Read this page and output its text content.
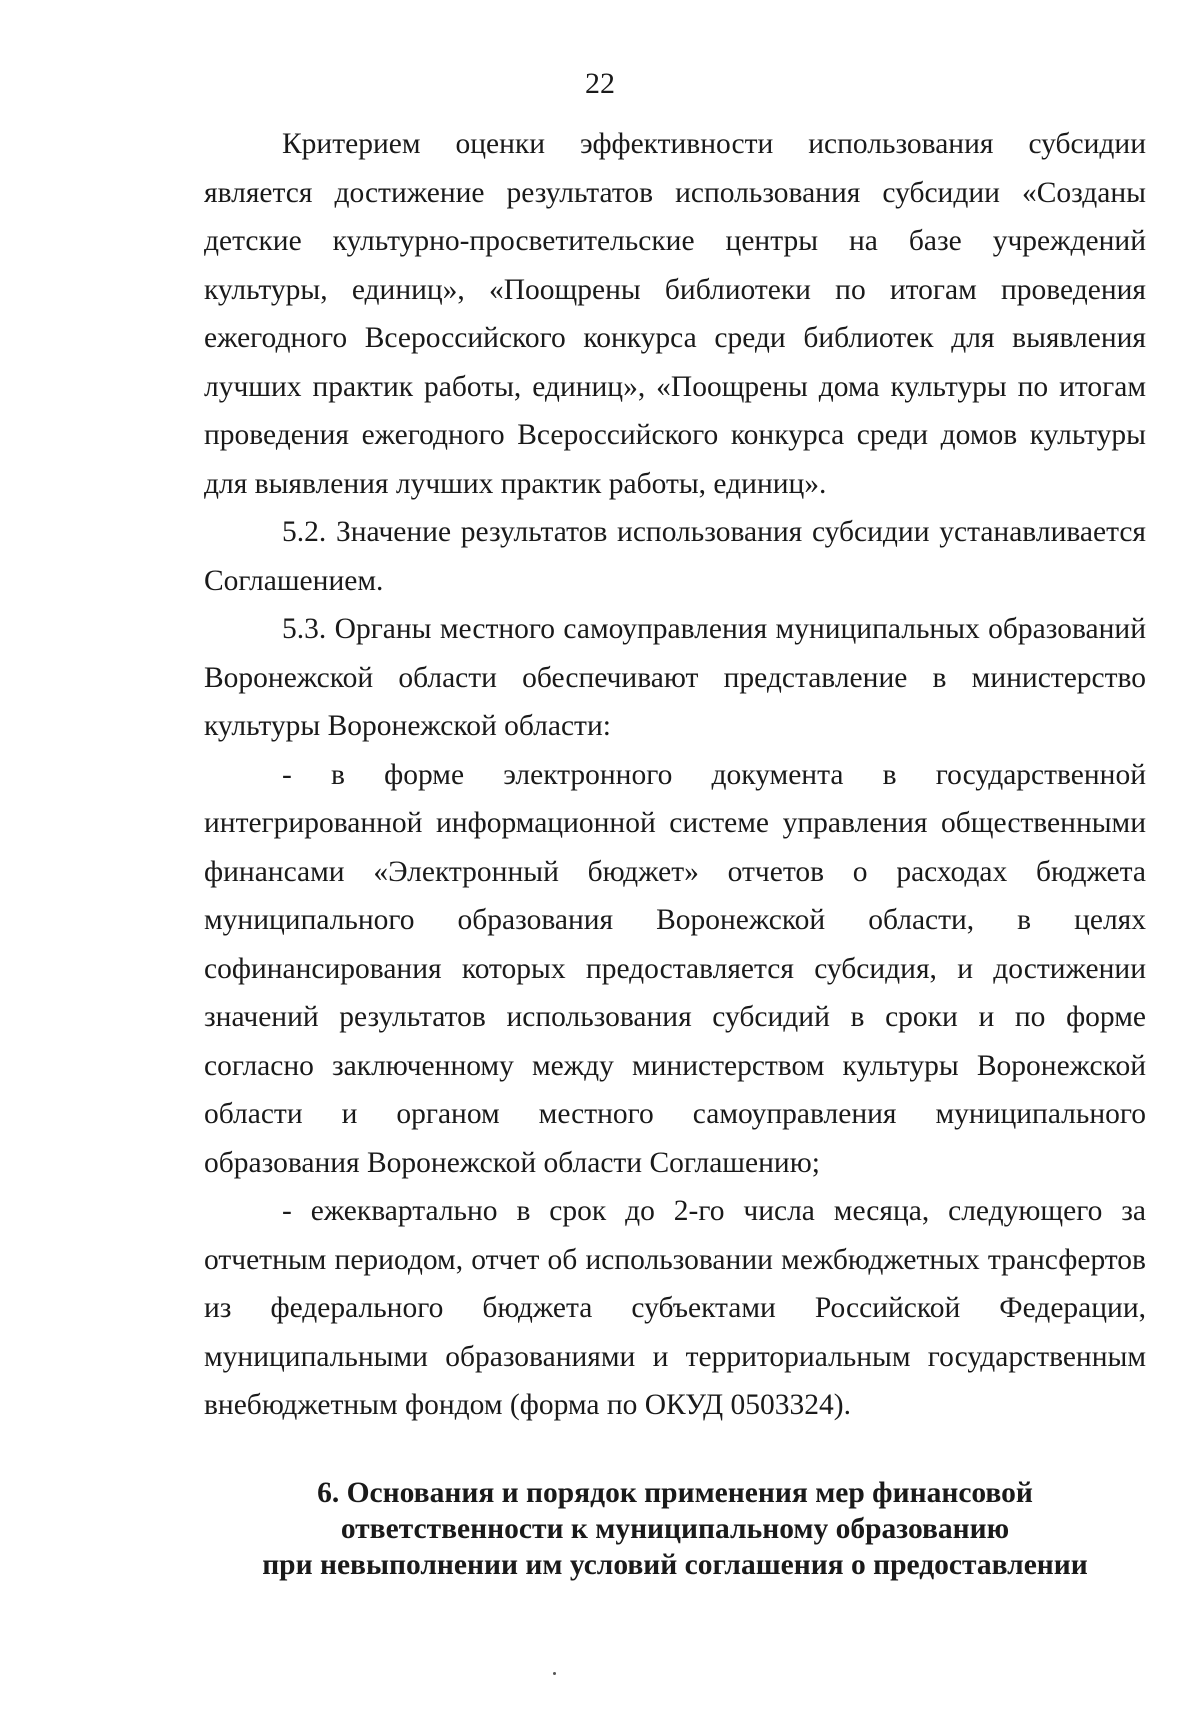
22

Критерием оценки эффективности использования субсидии является достижение результатов использования субсидии «Созданы детские культурно-просветительские центры на базе учреждений культуры, единиц», «Поощрены библиотеки по итогам проведения ежегодного Всероссийского конкурса среди библиотек для выявления лучших практик работы, единиц», «Поощрены дома культуры по итогам проведения ежегодного Всероссийского конкурса среди домов культуры для выявления лучших практик работы, единиц».

5.2. Значение результатов использования субсидии устанавливается Соглашением.

5.3. Органы местного самоуправления муниципальных образований Воронежской области обеспечивают представление в министерство культуры Воронежской области:

- в форме электронного документа в государственной интегрированной информационной системе управления общественными финансами «Электронный бюджет» отчетов о расходах бюджета муниципального образования Воронежской области, в целях софинансирования которых предоставляется субсидия, и достижении значений результатов использования субсидий в сроки и по форме согласно заключенному между министерством культуры Воронежской области и органом местного самоуправления муниципального образования Воронежской области Соглашению;

- ежеквартально в срок до 2-го числа месяца, следующего за отчетным периодом, отчет об использовании межбюджетных трансфертов из федерального бюджета субъектами Российской Федерации, муниципальными образованиями и территориальным государственным внебюджетным фондом (форма по ОКУД 0503324).

6. Основания и порядок применения мер финансовой
ответственности к муниципальному образованию
при невыполнении им условий соглашения о предоставлении
